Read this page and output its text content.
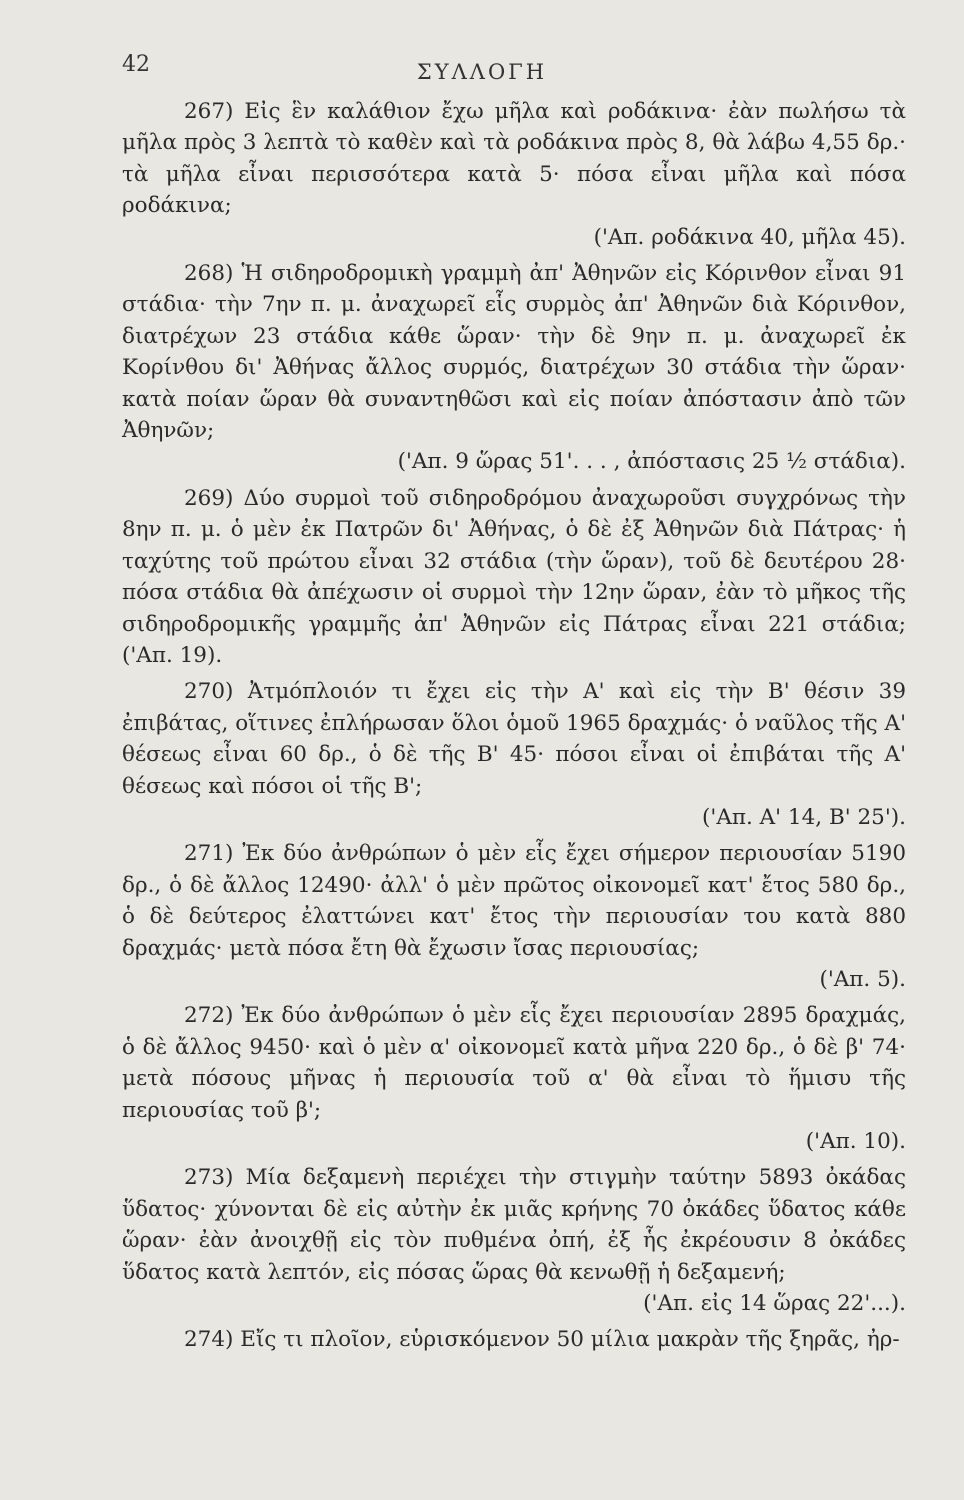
42	ΣΥΛΛΟΓΗ
267) Εἰς ἓν καλάθιον ἔχω μῆλα καὶ ροδάκινα· ἐὰν πωλήσω τὰ μῆλα πρὸς 3 λεπτὰ τὸ καθὲν καὶ τὰ ροδάκινα πρὸς 8, θὰ λάβω 4,55 δρ.· τὰ μῆλα εἶναι περισσότερα κατὰ 5· πόσα εἶναι μῆλα καὶ πόσα ροδάκινα;
('Απ. ροδάκινα 40, μῆλα 45).
268) Ἡ σιδηροδρομικὴ γραμμὴ ἀπ' Ἀθηνῶν εἰς Κόρινθον εἶναι 91 στάδια· τὴν 7ην π. μ. ἀναχωρεῖ εἷς συρμὸς ἀπ' Ἀθηνῶν διὰ Κόρινθον, διατρέχων 23 στάδια κάθε ὥραν· τὴν δὲ 9ην π. μ. ἀναχωρεῖ ἐκ Κορίνθου δι' Ἀθήνας ἄλλος συρμός, διατρέχων 30 στάδια τὴν ὥραν· κατὰ ποίαν ὥραν θὰ συναντηθῶσι καὶ εἰς ποίαν ἀπόστασιν ἀπὸ τῶν Ἀθηνῶν;
('Απ. 9 ὥρας 51'. . . , ἀπόστασις 25 ½ στάδια).
269) Δύο συρμοὶ τοῦ σιδηροδρόμου ἀναχωροῦσι συγχρόνως τὴν 8ην π. μ. ὁ μὲν ἐκ Πατρῶν δι' Ἀθήνας, ὁ δὲ ἐξ Ἀθηνῶν διὰ Πάτρας· ἡ ταχύτης τοῦ πρώτου εἶναι 32 στάδια (τὴν ὥραν), τοῦ δὲ δευτέρου 28· πόσα στάδια θὰ ἀπέχωσιν οἱ συρμοὶ τὴν 12ην ὥραν, ἐὰν τὸ μῆκος τῆς σιδηροδρομικῆς γραμμῆς ἀπ' Ἀθηνῶν εἰς Πάτρας εἶναι 221 στάδια; ('Απ. 19).
270) Ἀτμόπλοιόν τι ἔχει εἰς τὴν Α' καὶ εἰς τὴν Β' θέσιν 39 ἐπιβάτας, οἵτινες ἐπλήρωσαν ὅλοι ὁμοῦ 1965 δραχμάς· ὁ ναῦλος τῆς Α' θέσεως εἶναι 60 δρ., ὁ δὲ τῆς Β' 45· πόσοι εἶναι οἱ ἐπιβάται τῆς Α' θέσεως καὶ πόσοι οἱ τῆς Β';
('Απ. Α' 14, Β' 25').
271) Ἐκ δύο ἀνθρώπων ὁ μὲν εἷς ἔχει σήμερον περιουσίαν 5190 δρ., ὁ δὲ ἄλλος 12490· ἀλλ' ὁ μὲν πρῶτος οἰκονομεῖ κατ' ἔτος 580 δρ., ὁ δὲ δεύτερος ἐλαττώνει κατ' ἔτος τὴν περιουσίαν του κατὰ 880 δραχμάς· μετὰ πόσα ἔτη θὰ ἔχωσιν ἴσας περιουσίας;
('Απ. 5).
272) Ἐκ δύο ἀνθρώπων ὁ μὲν εἷς ἔχει περιουσίαν 2895 δραχμάς, ὁ δὲ ἄλλος 9450· καὶ ὁ μὲν α' οἰκονομεῖ κατὰ μῆνα 220 δρ., ὁ δὲ β' 74· μετὰ πόσους μῆνας ἡ περιουσία τοῦ α' θὰ εἶναι τὸ ἥμισυ τῆς περιουσίας τοῦ β';
('Απ. 10).
273) Μία δεξαμενὴ περιέχει τὴν στιγμὴν ταύτην 5893 ὀκάδας ὕδατος· χύνονται δὲ εἰς αὐτὴν ἐκ μιᾶς κρήνης 70 ὀκάδες ὕδατος κάθε ὥραν· ἐὰν ἀνοιχθῇ εἰς τὸν πυθμένα ὀπή, ἐξ ἧς ἐκρέουσιν 8 ὀκάδες ὕδατος κατὰ λεπτόν, εἰς πόσας ὥρας θὰ κενωθῇ ἡ δεξαμενή;
('Απ. εἰς 14 ὥρας 22'...).
274) Εἴς τι πλοῖον, εὑρισκόμενον 50 μίλια μακρὰν τῆς ξηρᾶς, ἠρ-
